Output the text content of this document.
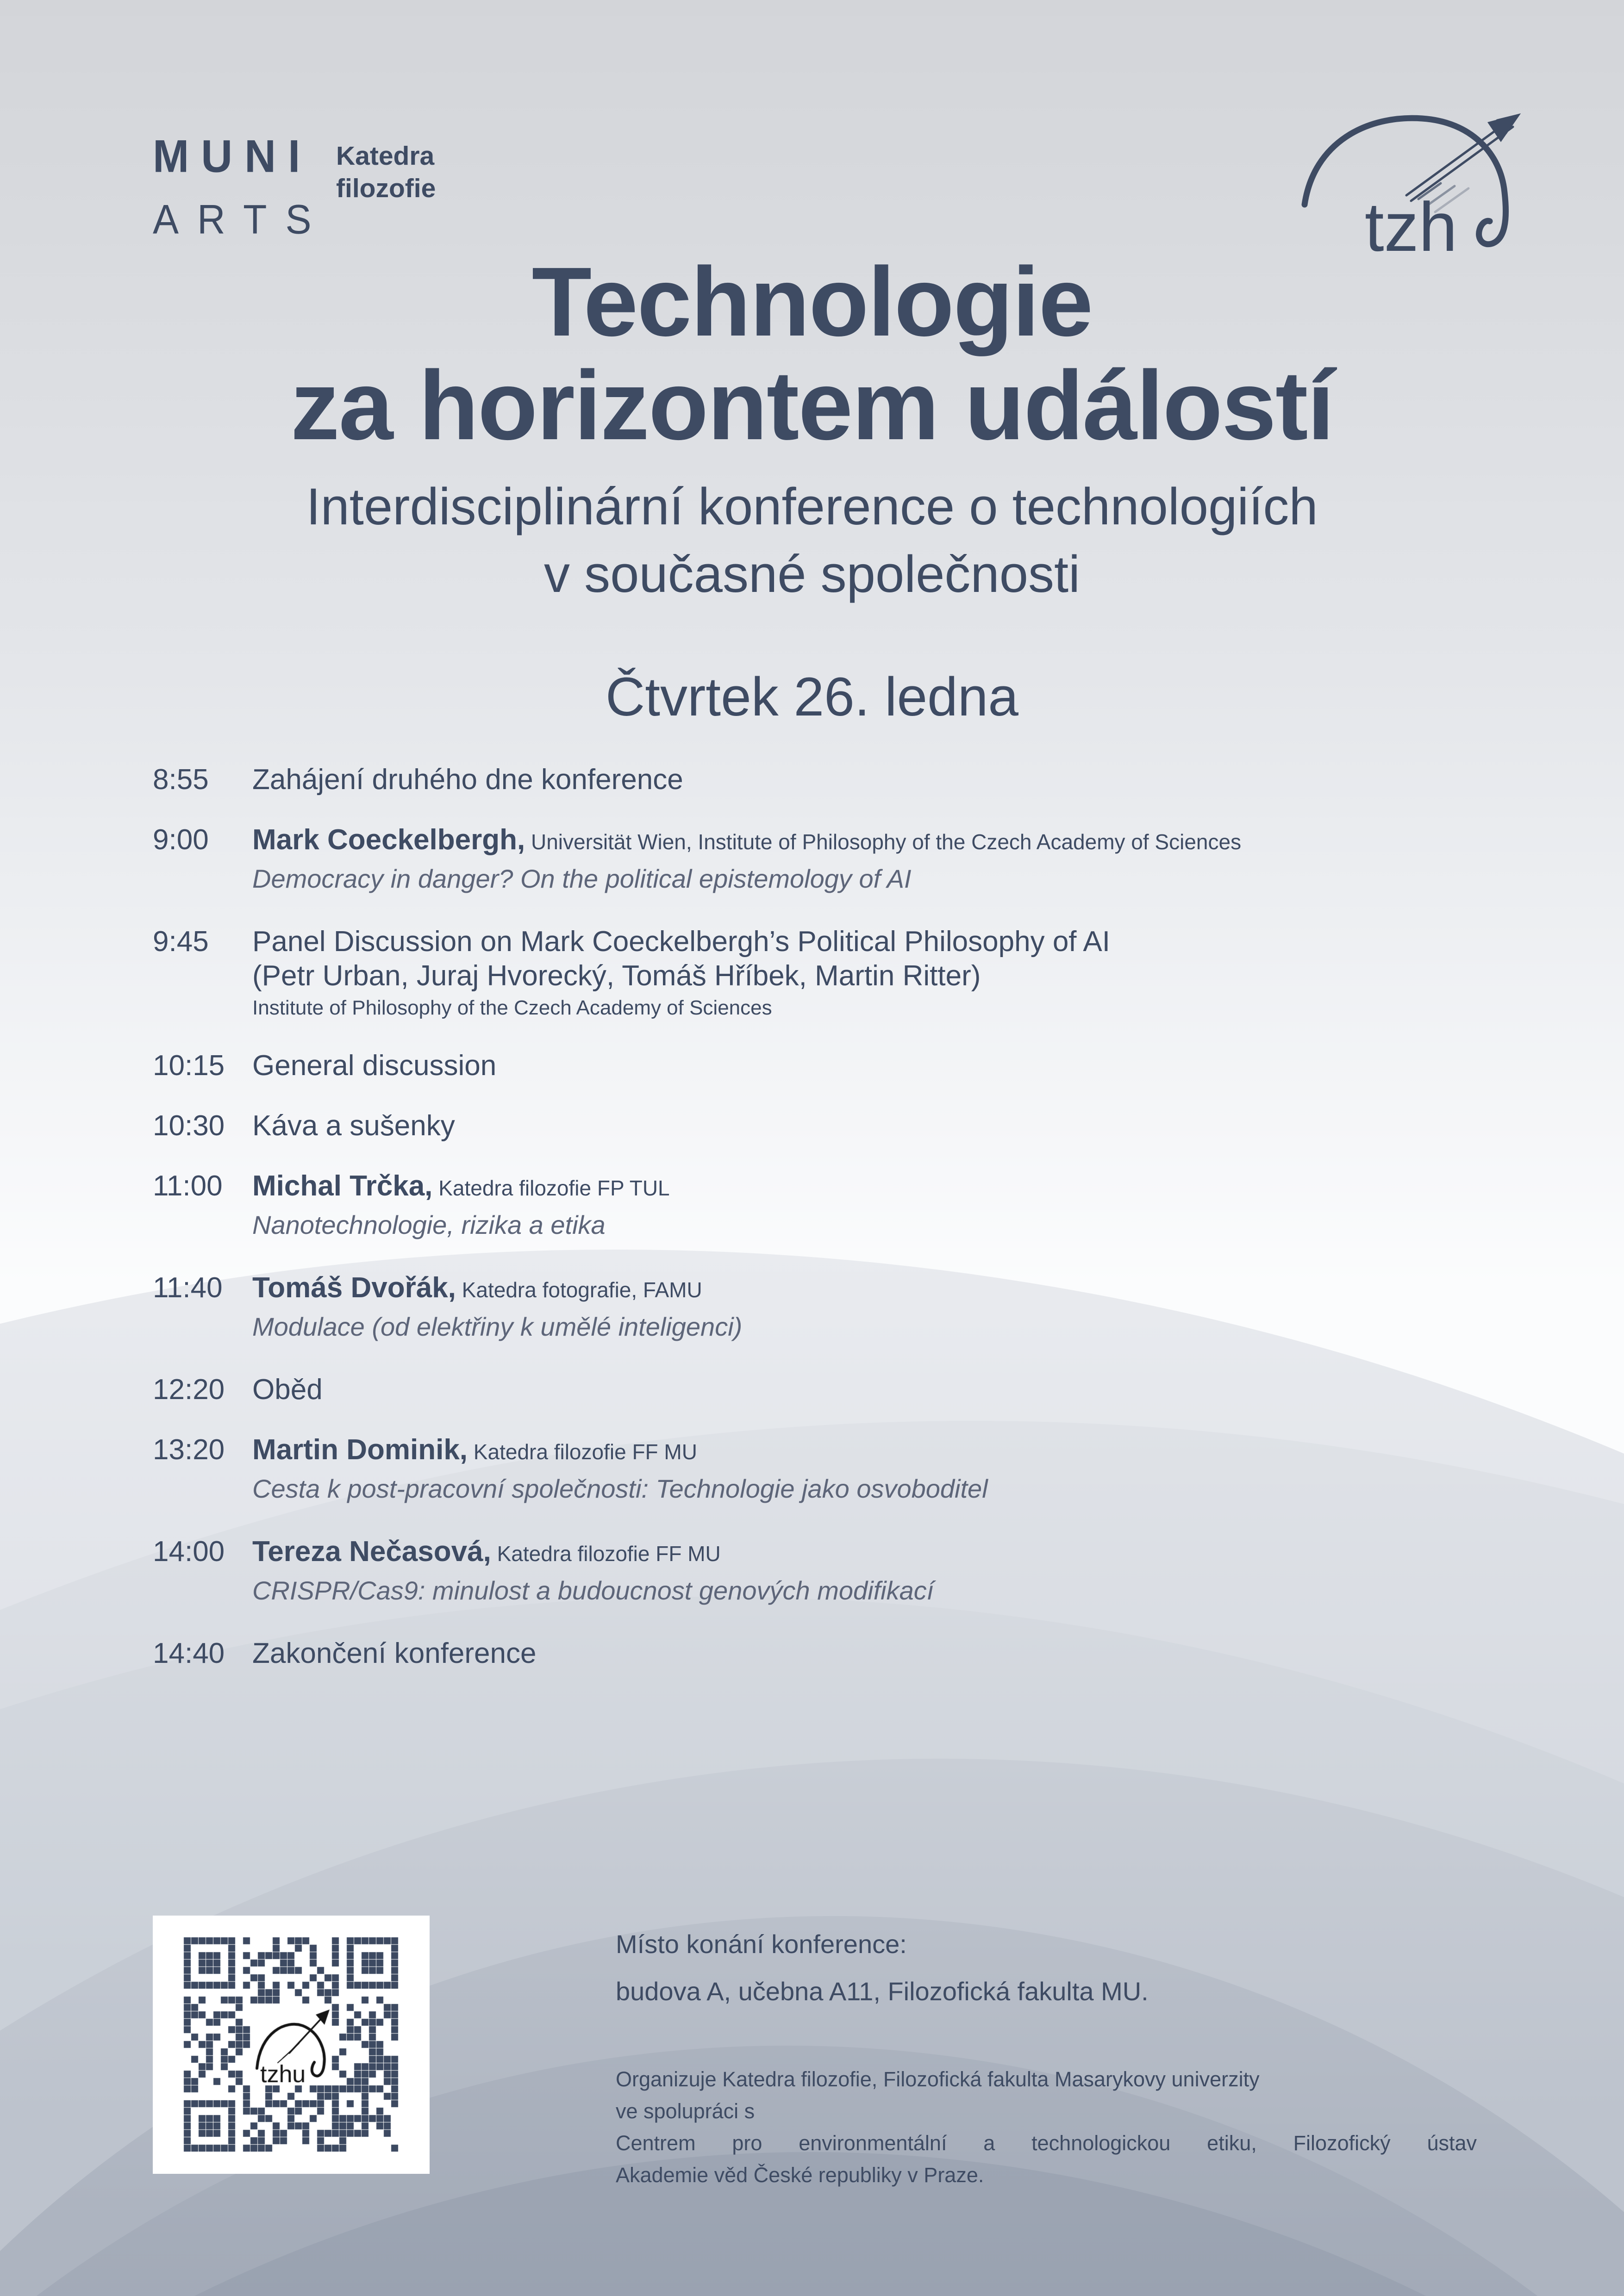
MUNI
ARTS
Katedra
filozofie	tzh
Technologie
za horizontem událostí
Interdisciplinární konference o technologiích
v současné společnosti
Čtvrtek 26. ledna
8:55	Zahájení druhého dne konference
9:00	Mark Coeckelbergh, Universität Wien, Institute of Philosophy of the Czech Academy of Sciences
Democracy in danger? On the political epistemology of AI
9:45	Panel Discussion on Mark Coeckelbergh’s Political Philosophy of AI
(Petr Urban, Juraj Hvorecký, Tomáš Hříbek, Martin Ritter)
Institute of Philosophy of the Czech Academy of Sciences
10:15 General discussion
10:30 Káva a sušenky
11:00	Michal Trčka, Katedra filozofie FP TUL
Nanotechnologie, rizika a etika
11:40	Tomáš Dvořák, Katedra fotografie, FAMU
Modulace (od elektřiny k umělé inteligenci)
12:20 Oběd
13:20 Martin Dominik, Katedra filozofie FF MU
Cesta k post-pracovní společnosti: Technologie jako osvoboditel
14:00 Tereza Nečasová, Katedra filozofie FF MU
CRISPR/Cas9: minulost a budoucnost genových modifikací
14:40 Zakončení konference
Místo konání konference:
budova A, učebna A11, Filozofická fakulta MU.
Organizuje Katedra filozofie, Filozofická fakulta Masarykovy univerzity
ve spolupráci s
Centrem pro environmentální a technologickou etiku, Filozofický ústav
Akademie věd České republiky v Praze.
